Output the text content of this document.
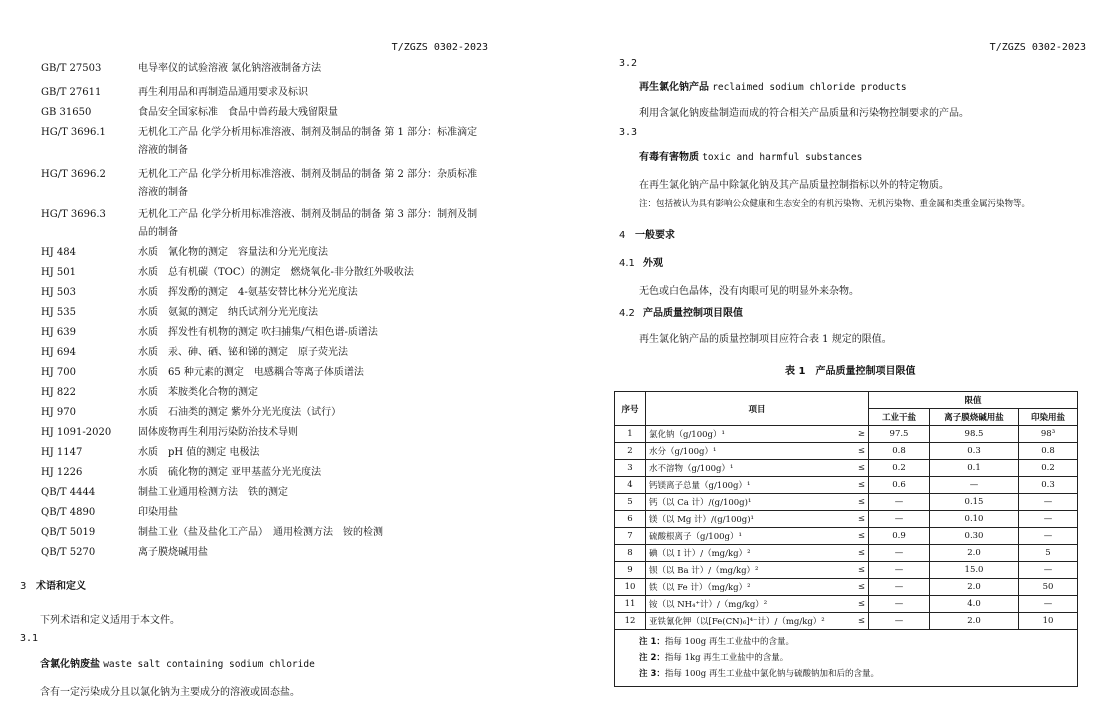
T/ZGZS 0302-2023
GB/T 27503	电导率仪的试验溶液 氯化钠溶液制备方法
GB/T 27611	再生利用品和再制造品通用要求及标识
GB 31650	食品安全国家标准　食品中兽药最大残留限量
HG/T 3696.1	无机化工产品 化学分析用标准溶液、制剂及制品的制备 第 1 部分：标准滴定溶液的制备
HG/T 3696.2	无机化工产品 化学分析用标准溶液、制剂及制品的制备 第 2 部分：杂质标准溶液的制备
HG/T 3696.3	无机化工产品 化学分析用标准溶液、制剂及制品的制备 第 3 部分：制剂及制品的制备
HJ 484	水质　氰化物的测定　容量法和分光光度法
HJ 501	水质　总有机碳（TOC）的测定　燃烧氧化-非分散红外吸收法
HJ 503	水质　挥发酚的测定　4-氨基安替比林分光光度法
HJ 535	水质　氨氮的测定　纳氏试剂分光光度法
HJ 639	水质　挥发性有机物的测定 吹扫捕集/气相色谱-质谱法
HJ 694	水质　汞、砷、硒、铋和锑的测定　原子荧光法
HJ 700	水质　65 种元素的测定　电感耦合等离子体质谱法
HJ 822	水质　苯胺类化合物的测定
HJ 970	水质　石油类的测定 紫外分光光度法（试行）
HJ 1091-2020	固体废物再生利用污染防治技术导则
HJ 1147	水质　pH 值的测定 电极法
HJ 1226	水质　硫化物的测定 亚甲基蓝分光光度法
QB/T 4444	制盐工业通用检测方法　铁的测定
QB/T 4890	印染用盐
QB/T 5019	制盐工业（盐及盐化工产品）　通用检测方法　铵的检测
QB/T 5270	离子膜烧碱用盐
3 术语和定义
下列术语和定义适用于本文件。
3.1
含氯化钠废盐 waste salt containing sodium chloride
含有一定污染成分且以氯化钠为主要成分的溶液或固态盐。
T/ZGZS 0302-2023
3.2
再生氯化钠产品 reclaimed sodium chloride products
利用含氯化钠废盐制造而成的符合相关产品质量和污染物控制要求的产品。
3.3
有毒有害物质 toxic and harmful substances
在再生氯化钠产品中除氯化钠及其产品质量控制指标以外的特定物质。
注：包括被认为具有影响公众健康和生态安全的有机污染物、无机污染物、重金属和类重金属污染物等。
4 一般要求
4.1 外观
无色或白色晶体，没有肉眼可见的明显外来杂物。
4.2 产品质量控制项目限值
再生氯化钠产品的质量控制项目应符合表 1 规定的限值。
表 1　产品质量控制项目限值
序号	项目		限值		
			工业干盐	离子膜烧碱用盐	印染用盐
1	氯化钠（g/100g）¹	≥	97.5	98.5	98³
2	水分（g/100g）¹	≤	0.8	0.3	0.8
3	水不溶物（g/100g）¹	≤	0.2	0.1	0.2
4	钙镁离子总量（g/100g）¹	≤	0.6	—	0.3
5	钙（以 Ca 计）/(g/100g)¹	≤	—	0.15	—
6	镁（以 Mg 计）/(g/100g)¹	≤	—	0.10	—
7	硫酸根离子（g/100g）¹	≤	0.9	0.30	—
8	碘（以 I 计）/（mg/kg）²	≤	—	2.0	5
9	钡（以 Ba 计）/（mg/kg）²	≤	—	15.0	—
10	铁（以 Fe 计）（mg/kg）²	≤	—	2.0	50
11	铵（以 NH₄⁺计）/（mg/kg）²	≤	—	4.0	—
12	亚铁氰化钾（以[Fe(CN)₆]⁴⁻计）/（mg/kg）²	≤	—	2.0	10

注 1：指每 100g 再生工业盐中的含量。
注 2：指每 1kg 再生工业盐中的含量。
注 3：指每 100g 再生工业盐中氯化钠与硫酸钠加和后的含量。					
